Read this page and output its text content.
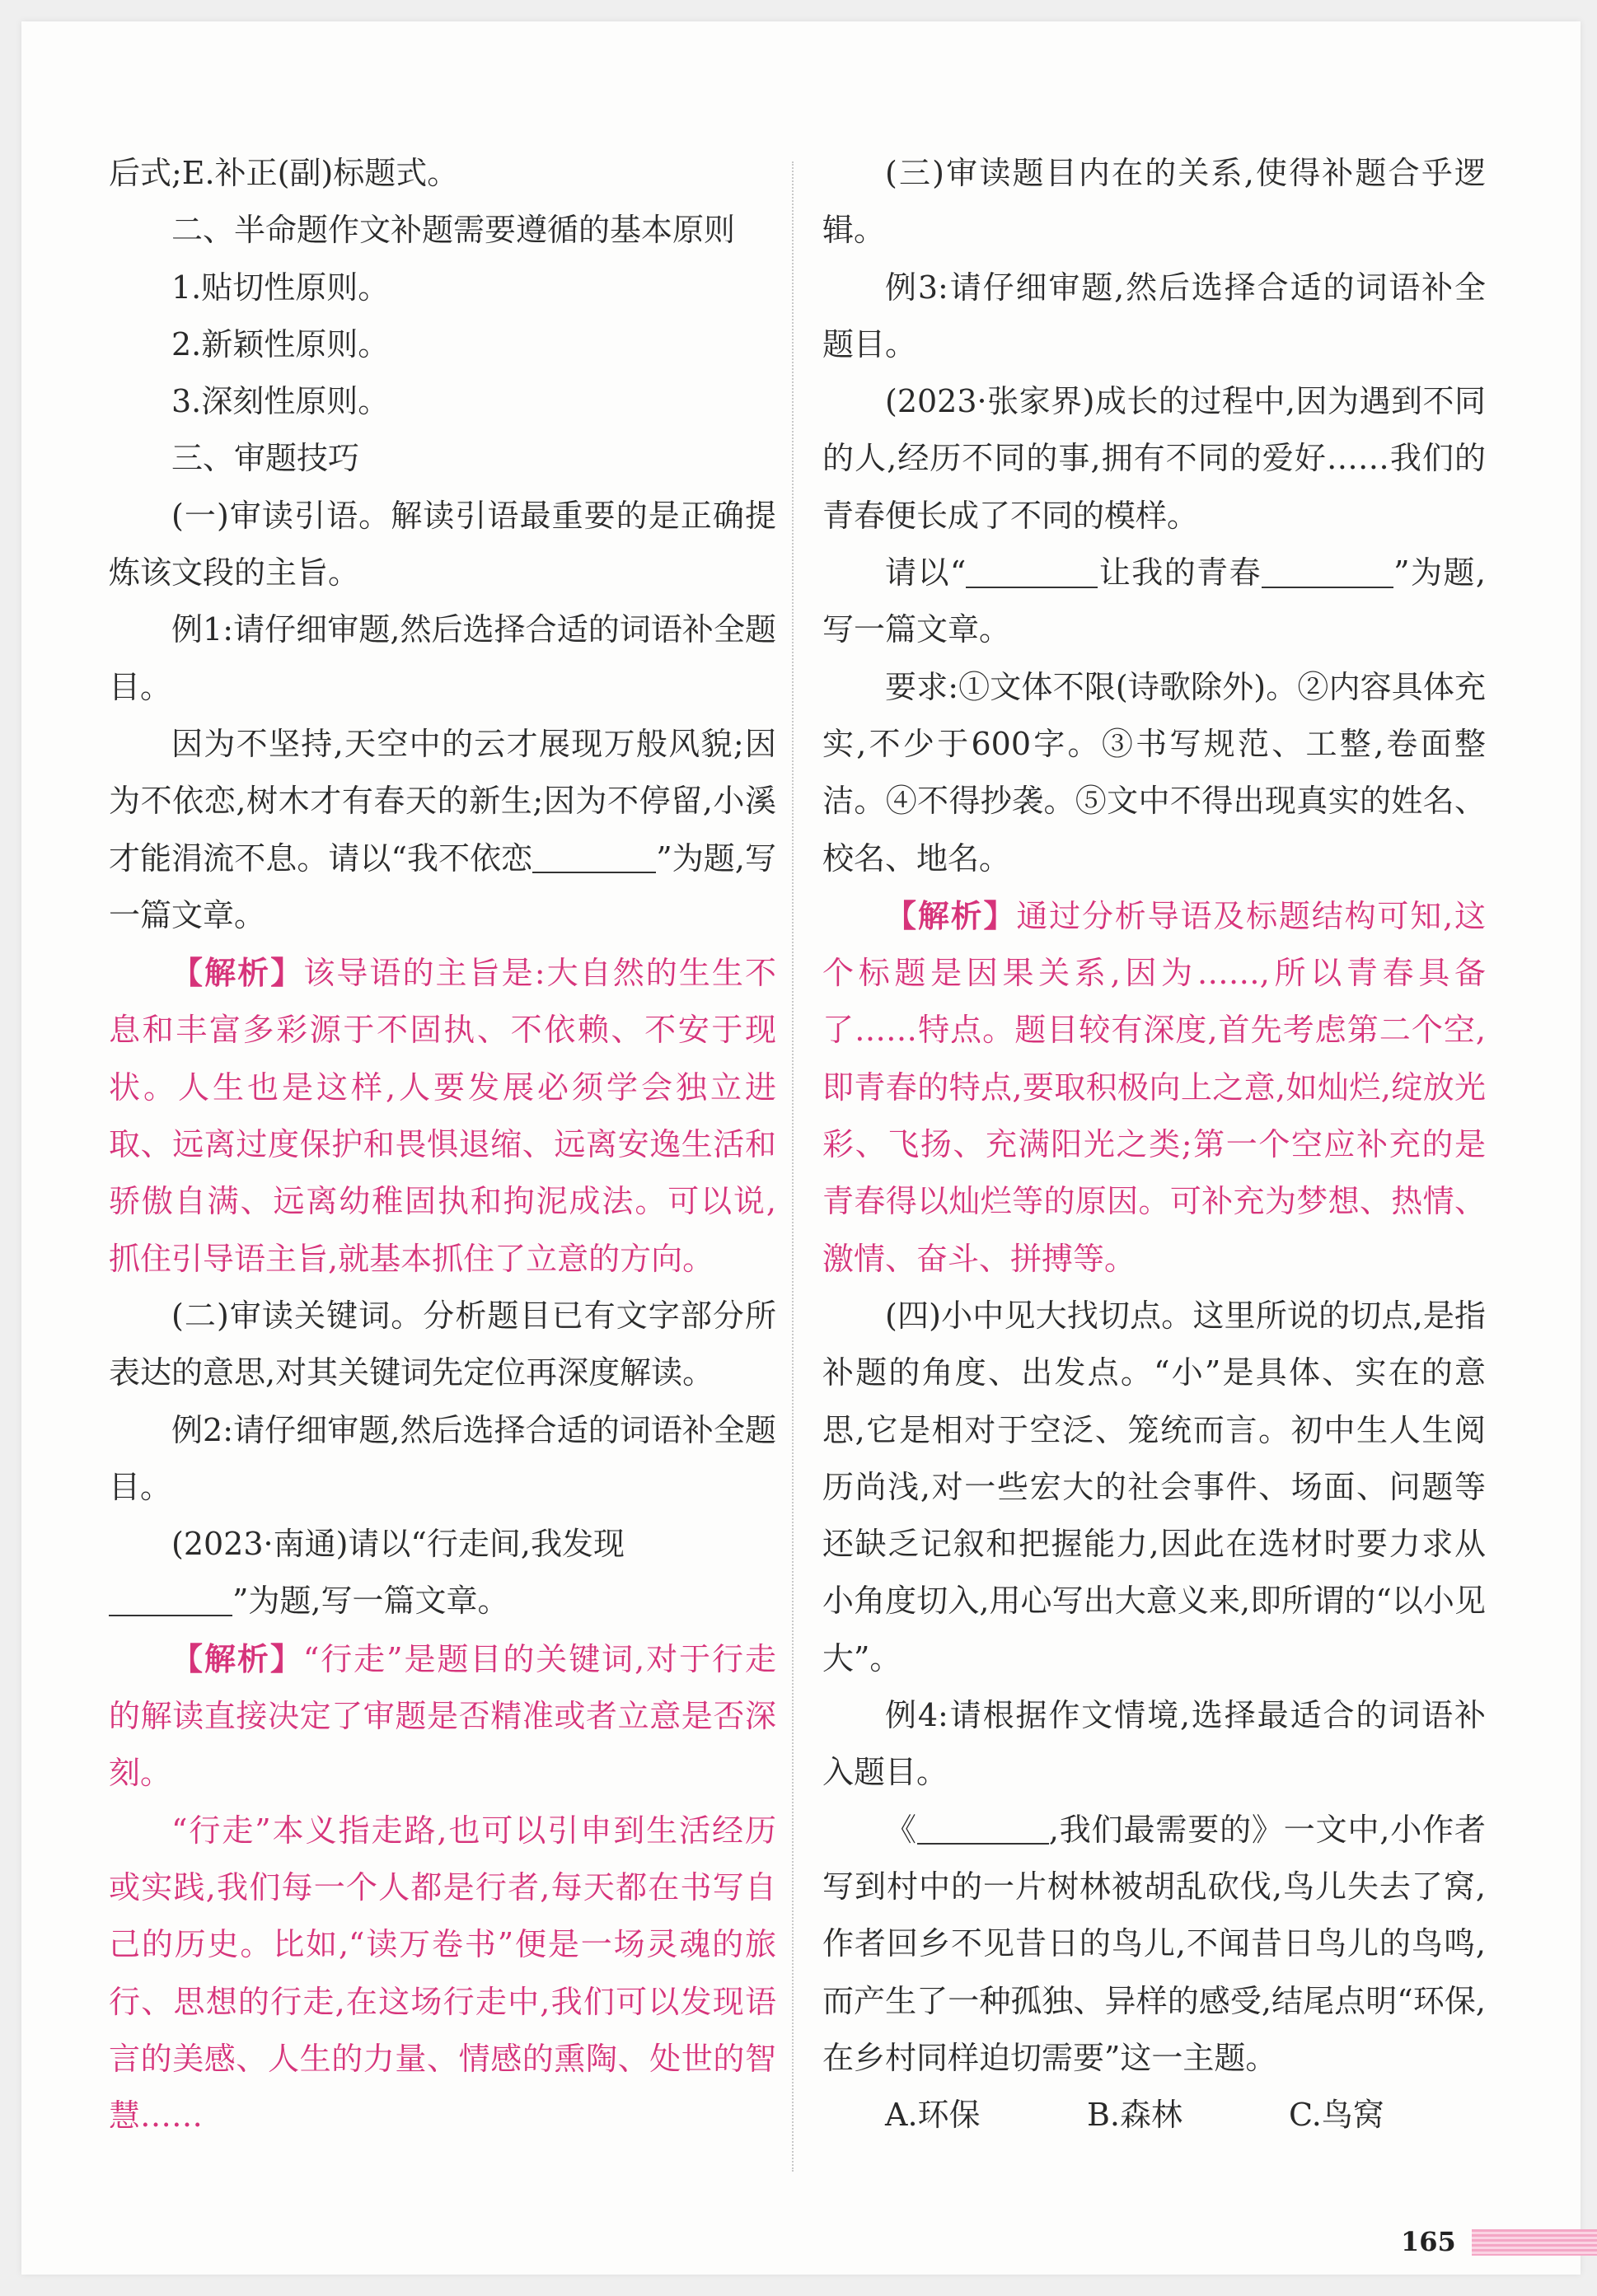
后式;E.补正(副)标题式。

二、半命题作文补题需要遵循的基本原则

1.贴切性原则。

2.新颖性原则。

3.深刻性原则。

三、审题技巧

(一)审读引语。解读引语最重要的是正确提炼该文段的主旨。

例1:请仔细审题,然后选择合适的词语补全题目。

因为不坚持,天空中的云才展现万般风貌;因为不依恋,树木才有春天的新生;因为不停留,小溪才能涓流不息。请以“我不依恋	”为题,写一篇文章。

【解析】该导语的主旨是:大自然的生生不息和丰富多彩源于不固执、不依赖、不安于现状。人生也是这样,人要发展必须学会独立进取、远离过度保护和畏惧退缩、远离安逸生活和骄傲自满、远离幼稚固执和拘泥成法。可以说,抓住引导语主旨,就基本抓住了立意的方向。

(二)审读关键词。分析题目已有文字部分所表达的意思,对其关键词先定位再深度解读。

例2:请仔细审题,然后选择合适的词语补全题目。

(2023·南通)请以“行走间,我发现
”为题,写一篇文章。

【解析】“行走”是题目的关键词,对于行走的解读直接决定了审题是否精准或者立意是否深刻。

“行走”本义指走路,也可以引申到生活经历或实践,我们每一个人都是行者,每天都在书写自己的历史。比如,“读万卷书”便是一场灵魂的旅行、思想的行走,在这场行走中,我们可以发现语言的美感、人生的力量、情感的熏陶、处世的智慧……

(三)审读题目内在的关系,使得补题合乎逻辑。

例3:请仔细审题,然后选择合适的词语补全题目。

(2023·张家界)成长的过程中,因为遇到不同的人,经历不同的事,拥有不同的爱好……我们的青春便长成了不同的模样。

请以“	让我的青春	”为题,写一篇文章。

要求:①文体不限(诗歌除外)。②内容具体充实,不少于600字。③书写规范、工整,卷面整洁。④不得抄袭。⑤文中不得出现真实的姓名、校名、地名。

【解析】通过分析导语及标题结构可知,这个标题是因果关系,因为……,所以青春具备了……特点。题目较有深度,首先考虑第二个空,即青春的特点,要取积极向上之意,如灿烂,绽放光彩、飞扬、充满阳光之类;第一个空应补充的是青春得以灿烂等的原因。可补充为梦想、热情、激情、奋斗、拼搏等。

(四)小中见大找切点。这里所说的切点,是指补题的角度、出发点。“小”是具体、实在的意思,它是相对于空泛、笼统而言。初中生人生阅历尚浅,对一些宏大的社会事件、场面、问题等还缺乏记叙和把握能力,因此在选材时要力求从小角度切入,用心写出大意义来,即所谓的“以小见大”。

例4:请根据作文情境,选择最适合的词语补入题目。

《	,我们最需要的》一文中,小作者写到村中的一片树林被胡乱砍伐,鸟儿失去了窝,作者回乡不见昔日的鸟儿,不闻昔日鸟儿的鸟鸣,而产生了一种孤独、异样的感受,结尾点明“环保,在乡村同样迫切需要”这一主题。

A.环保	B.森林	C.鸟窝

165
